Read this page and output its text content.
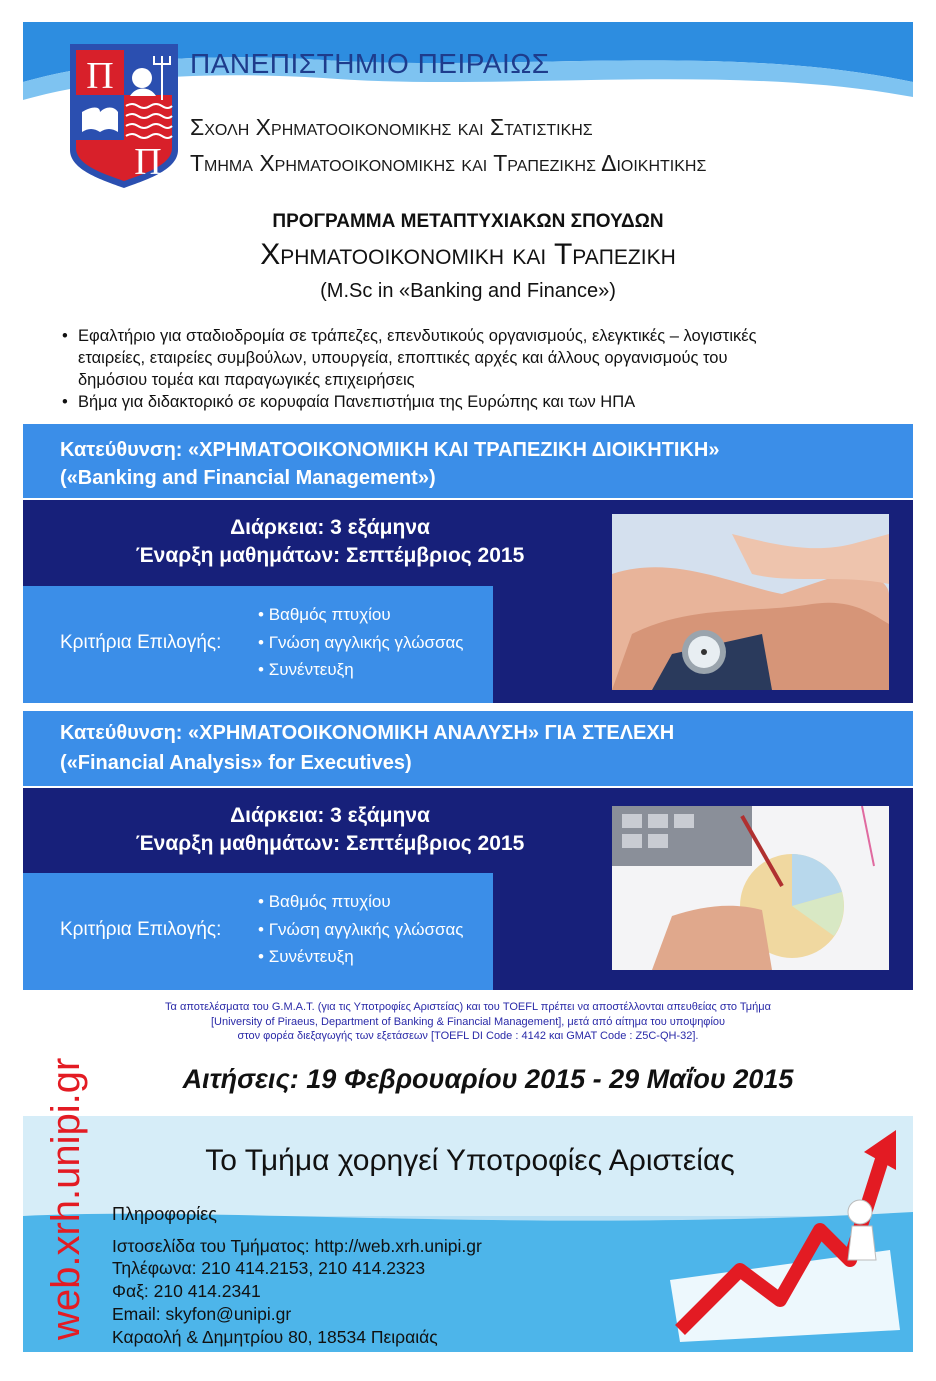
Π
Π
ΠΑΝΕΠΙΣΤΗΜΙΟ ΠΕΙΡΑΙΩΣ
Σχολη Χρηματοοικονομικης και Στατιστικης
Τμημα Χρηματοοικονομικης και Τραπεζικης Διοικητικης
ΠΡΟΓΡΑΜΜΑ ΜΕΤΑΠΤΥΧΙΑΚΩΝ ΣΠΟΥΔΩΝ
Χρηματοοικονομικη και Τραπεζικη
(M.Sc in «Banking and Finance»)
• Εφαλτήριο για σταδιοδρομία σε τράπεζες, επενδυτικούς οργανισμούς, ελεγκτικές – λογιστικές
εταιρείες, εταιρείες συμβούλων, υπουργεία, εποπτικές αρχές και άλλους οργανισμούς του
δημόσιου τομέα και παραγωγικές επιχειρήσεις
• Βήμα για διδακτορικό σε κορυφαία Πανεπιστήμια της Ευρώπης και των ΗΠΑ
Κατεύθυνση: «ΧΡΗΜΑΤΟΟΙΚΟΝΟΜΙΚΗ ΚΑΙ ΤΡΑΠΕΖΙΚΗ ΔΙΟΙΚΗΤΙΚΗ»
(«Banking and Financial Management»)
Διάρκεια: 3 εξάμηνα
Έναρξη μαθημάτων: Σεπτέμβριος 2015
Κριτήρια Επιλογής:
• Βαθμός πτυχίου
• Γνώση αγγλικής γλώσσας
• Συνέντευξη
Κατεύθυνση: «ΧΡΗΜΑΤΟΟΙΚΟΝΟΜΙΚΗ ΑΝΑΛΥΣΗ» ΓΙΑ ΣΤΕΛΕΧΗ
(«Financial Analysis» for Executives)
Διάρκεια: 3 εξάμηνα
Έναρξη μαθημάτων: Σεπτέμβριος 2015
Κριτήρια Επιλογής:
• Βαθμός πτυχίου
• Γνώση αγγλικής γλώσσας
• Συνέντευξη
Τα αποτελέσματα του G.M.A.T. (για τις Υποτροφίες Αριστείας) και του TOEFL πρέπει να αποστέλλονται απευθείας στο Τμήμα
[University of Piraeus, Department of Banking & Financial Management], μετά από αίτημα του υποψηφίου
στον φορέα διεξαγωγής των εξετάσεων [TOEFL DI Code : 4142 και GMAT Code : Z5C-QH-32].
Αιτήσεις: 19 Φεβρουαρίου 2015 - 29 Μαΐου 2015
Το Τμήμα χορηγεί Υποτροφίες Αριστείας
Πληροφορίες
Ιστοσελίδα του Τμήματος: http://web.xrh.unipi.gr
Τηλέφωνα: 210 414.2153, 210 414.2323
Φαξ: 210 414.2341
Email: skyfon@unipi.gr
Καραολή & Δημητρίου 80, 18534 Πειραιάς
web.xrh.unipi.gr
